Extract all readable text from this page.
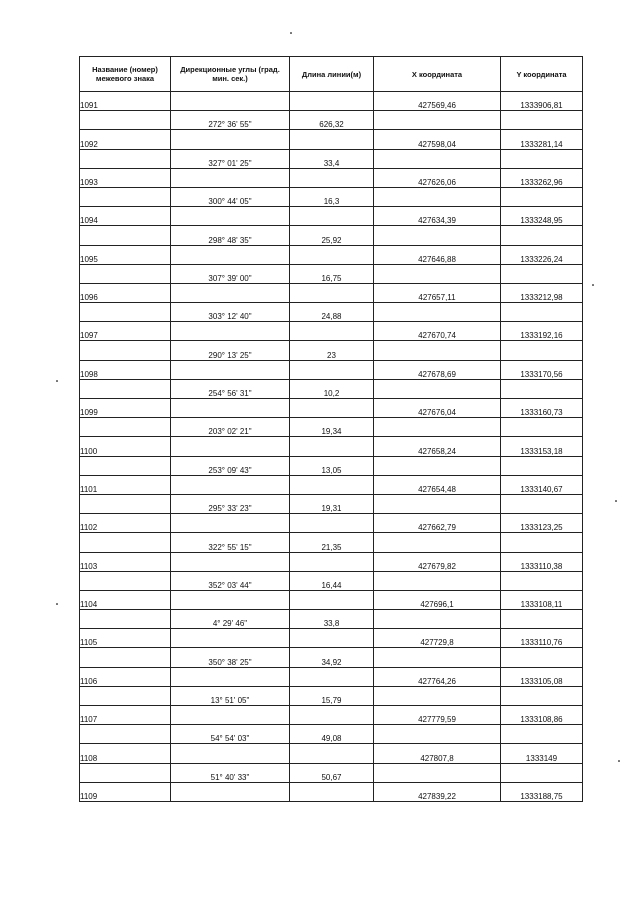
Название (номер) межевого знака	Дирекционные углы (град. мин. сек.)	Длина линии(м)	X координата	Y координата
1091			427569,46	1333906,81
	272° 36' 55"	626,32		
1092			427598,04	1333281,14
	327° 01' 25"	33,4		
1093			427626,06	1333262,96
	300° 44' 05"	16,3		
1094			427634,39	1333248,95
	298° 48' 35"	25,92		
1095			427646,88	1333226,24
	307° 39' 00"	16,75		
1096			427657,11	1333212,98
	303° 12' 40"	24,88		
1097			427670,74	1333192,16
	290° 13' 25"	23		
1098			427678,69	1333170,56
	254° 56' 31"	10,2		
1099			427676,04	1333160,73
	203° 02' 21"	19,34		
1100			427658,24	1333153,18
	253° 09' 43"	13,05		
1101			427654,48	1333140,67
	295° 33' 23"	19,31		
1102			427662,79	1333123,25
	322° 55' 15"	21,35		
1103			427679,82	1333110,38
	352° 03' 44"	16,44		
1104			427696,1	1333108,11
	4° 29' 46"	33,8		
1105			427729,8	1333110,76
	350° 38' 25"	34,92		
1106			427764,26	1333105,08
	13° 51' 05"	15,79		
1107			427779,59	1333108,86
	54° 54' 03"	49,08		
1108			427807,8	1333149
	51° 40' 33"	50,67		
1109			427839,22	1333188,75
